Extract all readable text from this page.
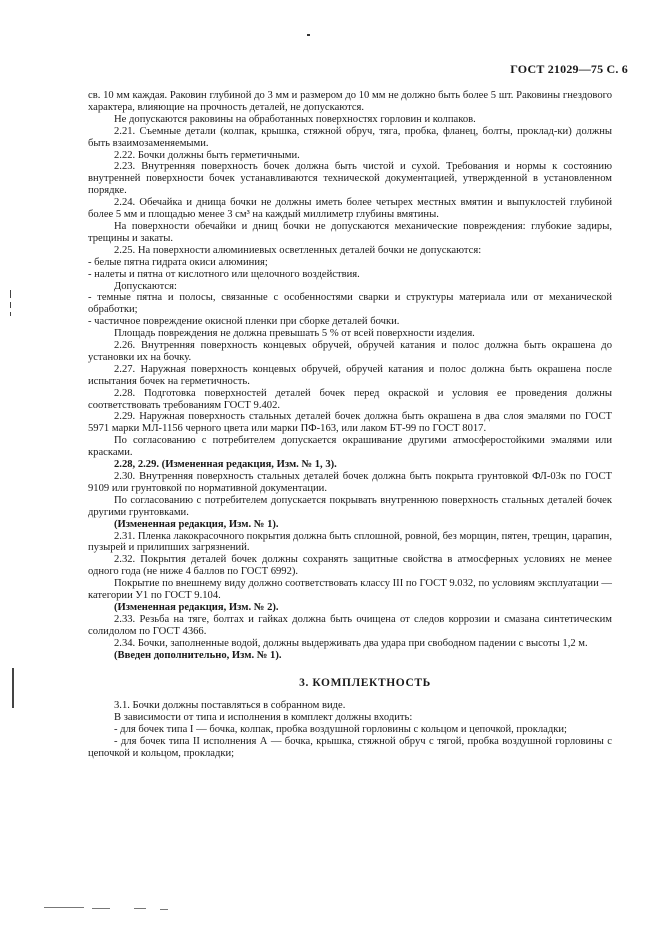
ГОСТ 21029—75 С. 6

св. 10 мм каждая. Раковин глубиной до 3 мм и размером до 10 мм не должно быть более 5 шт. Раковины гнездового характера, влияющие на прочность деталей, не допускаются.

Не допускаются раковины на обработанных поверхностях горловин и колпаков.

2.21. Съемные детали (колпак, крышка, стяжной обруч, тяга, пробка, фланец, болты, проклад-ки) должны быть взаимозаменяемыми.

2.22. Бочки должны быть герметичными.

2.23. Внутренняя поверхность бочек должна быть чистой и сухой. Требования и нормы к состоянию внутренней поверхности бочек устанавливаются технической документацией, утвержденной в установленном порядке.

2.24. Обечайка и днища бочки не должны иметь более четырех местных вмятин и выпуклостей глубиной более 5 мм и площадью менее 3 см³ на каждый миллиметр глубины вмятины.

На поверхности обечайки и днищ бочки не допускаются механические повреждения: глубокие задиры, трещины и закаты.

2.25. На поверхности алюминиевых осветленных деталей бочки не допускаются:

- белые пятна гидрата окиси алюминия;

- налеты и пятна от кислотного или щелочного воздействия.

Допускаются:

- темные пятна и полосы, связанные с особенностями сварки и структуры материала или от механической обработки;

- частичное повреждение окисной пленки при сборке деталей бочки.

Площадь повреждения не должна превышать 5 % от всей поверхности изделия.

2.26. Внутренняя поверхность концевых обручей, обручей катания и полос должна быть окрашена до установки их на бочку.

2.27. Наружная поверхность концевых обручей, обручей катания и полос должна быть окрашена после испытания бочек на герметичность.

2.28. Подготовка поверхностей деталей бочек перед окраской и условия ее проведения должны соответствовать требованиям ГОСТ 9.402.

2.29. Наружная поверхность стальных деталей бочек должна быть окрашена в два слоя эмалями по ГОСТ 5971 марки МЛ-1156 черного цвета или марки ПФ-163, или лаком БТ-99 по ГОСТ 8017.

По согласованию с потребителем допускается окрашивание другими атмосферостойкими эмалями или красками.

2.28, 2.29. (Измененная редакция, Изм. № 1, 3).

2.30. Внутренняя поверхность стальных деталей бочек должна быть покрыта грунтовкой ФЛ-03к по ГОСТ 9109 или грунтовкой по нормативной документации.

По согласованию с потребителем допускается покрывать внутреннюю поверхность стальных деталей бочек другими грунтовками.

(Измененная редакция, Изм. № 1).

2.31. Пленка лакокрасочного покрытия должна быть сплошной, ровной, без морщин, пятен, трещин, царапин, пузырей и прилипших загрязнений.

2.32. Покрытия деталей бочек должны сохранять защитные свойства в атмосферных условиях не менее одного года (не ниже 4 баллов по ГОСТ 6992).

Покрытие по внешнему виду должно соответствовать классу III по ГОСТ 9.032, по условиям эксплуатации — категории У1 по ГОСТ 9.104.

(Измененная редакция, Изм. № 2).

2.33. Резьба на тяге, болтах и гайках должна быть очищена от следов коррозии и смазана синтетическим солидолом по ГОСТ 4366.

2.34. Бочки, заполненные водой, должны выдерживать два удара при свободном падении с высоты 1,2 м.

(Введен дополнительно, Изм. № 1).

3. КОМПЛЕКТНОСТЬ

3.1. Бочки должны поставляться в собранном виде.

В зависимости от типа и исполнения в комплект должны входить:

- для бочек типа I — бочка, колпак, пробка воздушной горловины с кольцом и цепочкой, прокладки;

- для бочек типа II исполнения А — бочка, крышка, стяжной обруч с тягой, пробка воздушной горловины с цепочкой и кольцом, прокладки;
